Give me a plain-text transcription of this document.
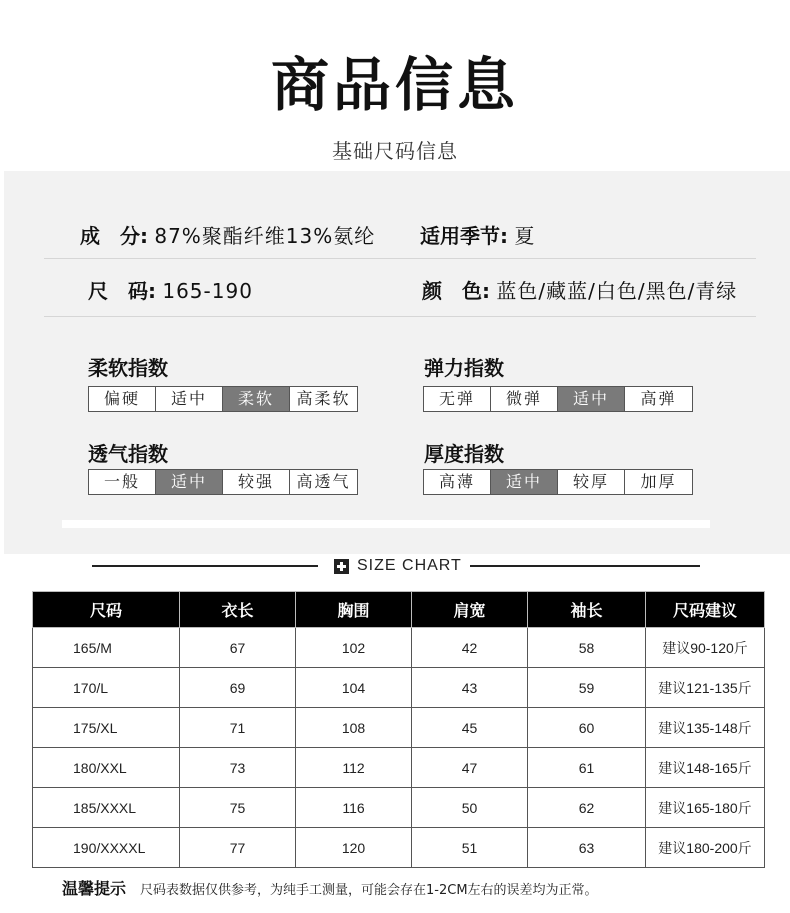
商品信息
基础尺码信息
成　分: 87%聚酯纤维13%氨纶 适用季节: 夏
尺　码: 165-190	颜　色: 蓝色/藏蓝/白色/黑色/青绿
柔软指数
偏硬	适中	柔软	高柔软
弹力指数
无弹	微弹	适中	高弹
透气指数
一般	适中	较强	高透气
厚度指数
高薄	适中	较厚	加厚
SIZE CHART
尺码	衣长	胸围	肩宽	袖长	尺码建议
165/M	67	102	42	58	建议90-120斤
170/L	69	104	43	59	建议121-135斤
175/XL	71	108	45	60	建议135-148斤
180/XXL	73	112	47	61	建议148-165斤
185/XXXL	75	116	50	62	建议165-180斤
190/XXXXL	77	120	51	63	建议180-200斤
温馨提示 尺码表数据仅供参考，为纯手工测量，可能会存在1-2CM左右的误差均为正常。
